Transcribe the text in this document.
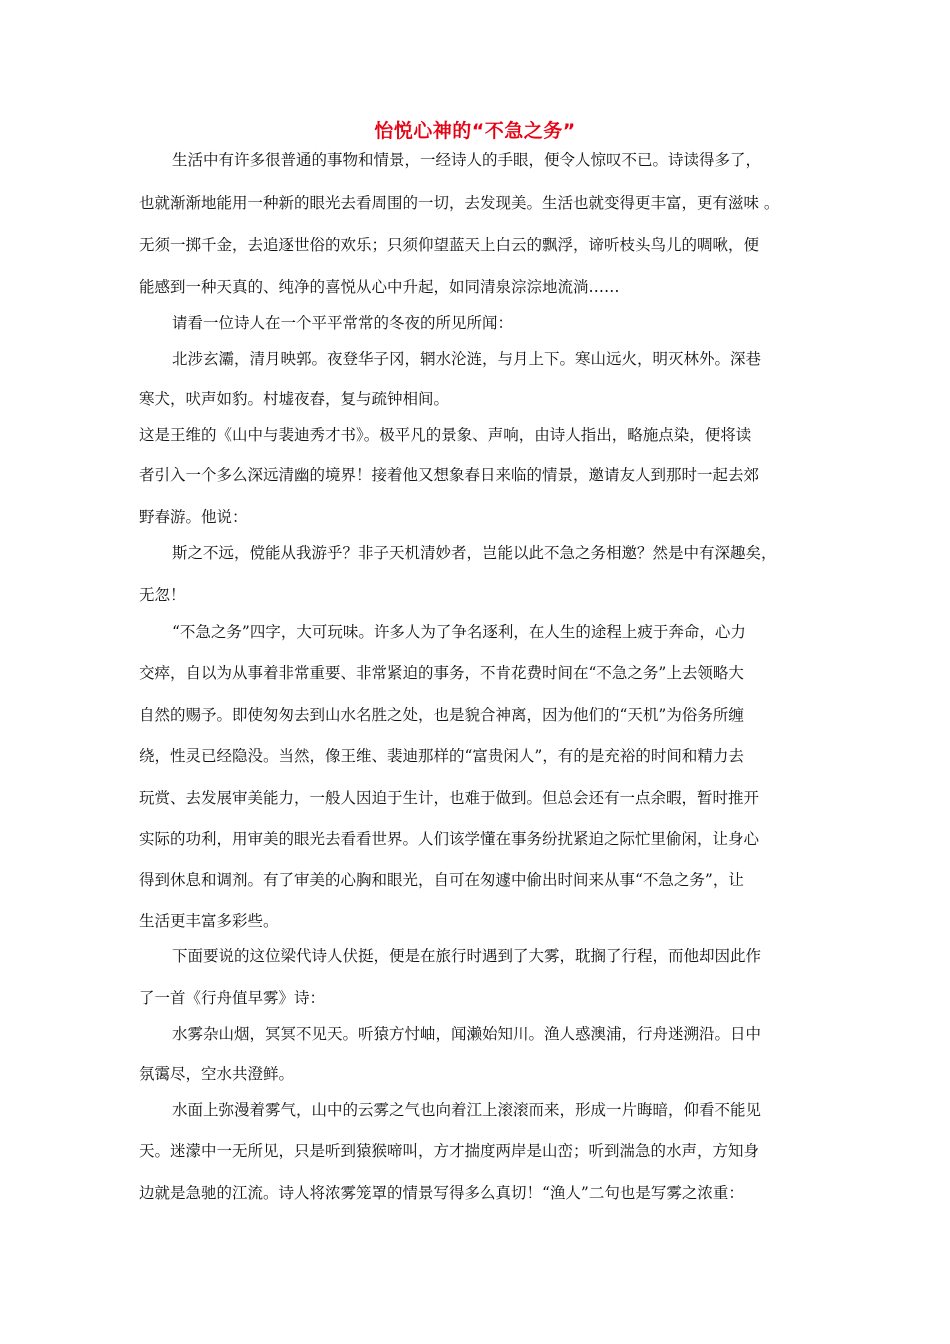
怡悦心神的“不急之务”
生活中有许多很普通的事物和情景，一经诗人的手眼，便令人惊叹不已。诗读得多了，
也就渐渐地能用一种新的眼光去看周围的一切，去发现美。生活也就变得更丰富，更有滋味 。
无须一掷千金，去追逐世俗的欢乐；只须仰望蓝天上白云的飘浮，谛听枝头鸟儿的啁啾，便
能感到一种天真的、纯净的喜悦从心中升起，如同清泉淙淙地流淌……
请看一位诗人在一个平平常常的冬夜的所见所闻：
北涉玄灞，清月映郭。夜登华子冈，辋水沦涟，与月上下。寒山远火，明灭林外。深巷
寒犬，吠声如豹。村墟夜舂，复与疏钟相间。
这是王维的《山中与裴迪秀才书》。极平凡的景象、声响，由诗人指出，略施点染，便将读
者引入一个多么深远清幽的境界！接着他又想象春日来临的情景，邀请友人到那时一起去郊
野春游。他说：
斯之不远，傥能从我游乎？非子天机清妙者，岂能以此不急之务相邀？然是中有深趣矣，
无忽！
“不急之务”四字，大可玩味。许多人为了争名逐利，在人生的途程上疲于奔命，心力
交瘁，自以为从事着非常重要、非常紧迫的事务，不肯花费时间在“不急之务”上去领略大
自然的赐予。即使匆匆去到山水名胜之处，也是貌合神离，因为他们的“天机”为俗务所缠
绕，性灵已经隐没。当然，像王维、裴迪那样的“富贵闲人”，有的是充裕的时间和精力去
玩赏、去发展审美能力，一般人因迫于生计，也难于做到。但总会还有一点余暇，暂时推开
实际的功利，用审美的眼光去看看世界。人们该学懂在事务纷扰紧迫之际忙里偷闲，让身心
得到休息和调剂。有了审美的心胸和眼光，自可在匆遽中偷出时间来从事“不急之务”，让
生活更丰富多彩些。
下面要说的这位梁代诗人伏挺，便是在旅行时遇到了大雾，耽搁了行程，而他却因此作
了一首《行舟值早雾》诗：
水雾杂山烟，冥冥不见天。听猿方忖岫，闻濑始知川。渔人惑澳浦，行舟迷溯沿。日中
氛霭尽，空水共澄鲜。
水面上弥漫着雾气，山中的云雾之气也向着江上滚滚而来，形成一片晦暗，仰看不能见
天。迷濛中一无所见，只是听到猿猴啼叫，方才揣度两岸是山峦；听到湍急的水声，方知身
边就是急驰的江流。诗人将浓雾笼罩的情景写得多么真切！“渔人”二句也是写雾之浓重：
